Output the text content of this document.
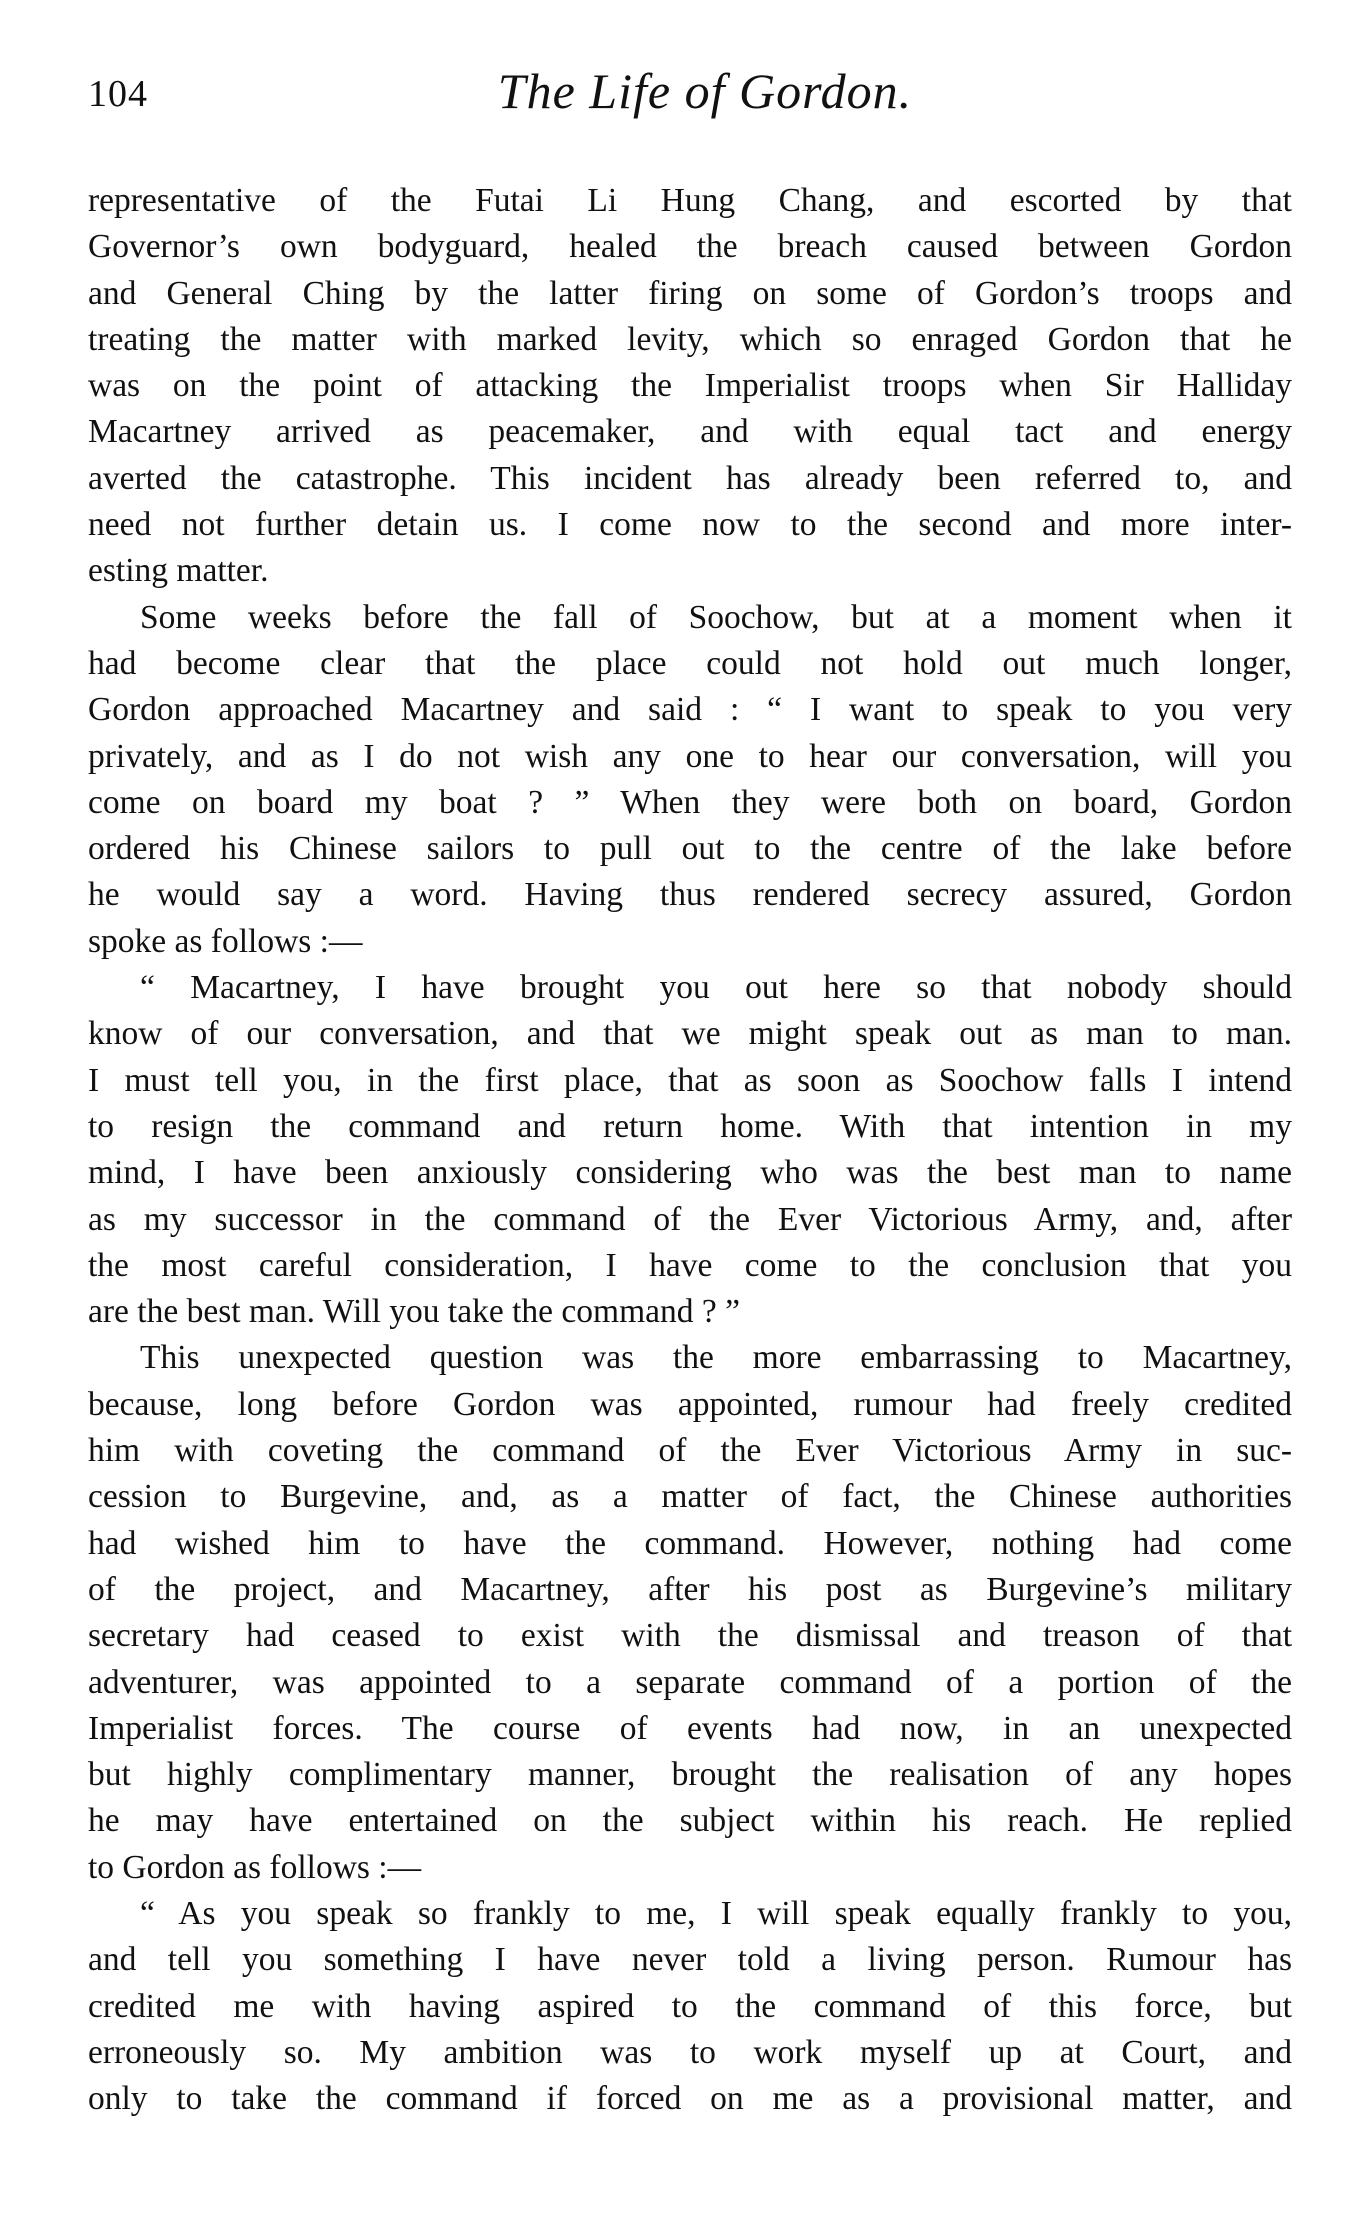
104	The Life of Gordon.
representative of the Futai Li Hung Chang, and escorted by that
Governor’s own bodyguard, healed the breach caused between Gordon
and General Ching by the latter firing on some of Gordon’s troops and
treating the matter with marked levity, which so enraged Gordon that he
was on the point of attacking the Imperialist troops when Sir Halliday
Macartney arrived as peacemaker, and with equal tact and energy
averted the catastrophe. This incident has already been referred to, and
need not further detain us. I come now to the second and more inter-
esting matter.
Some weeks before the fall of Soochow, but at a moment when it
had become clear that the place could not hold out much longer,
Gordon approached Macartney and said : “ I want to speak to you very
privately, and as I do not wish any one to hear our conversation, will you
come on board my boat ? ” When they were both on board, Gordon
ordered his Chinese sailors to pull out to the centre of the lake before
he would say a word. Having thus rendered secrecy assured, Gordon
spoke as follows :—
“ Macartney, I have brought you out here so that nobody should
know of our conversation, and that we might speak out as man to man.
I must tell you, in the first place, that as soon as Soochow falls I intend
to resign the command and return home. With that intention in my
mind, I have been anxiously considering who was the best man to name
as my successor in the command of the Ever Victorious Army, and, after
the most careful consideration, I have come to the conclusion that you
are the best man. Will you take the command ? ”
This unexpected question was the more embarrassing to Macartney,
because, long before Gordon was appointed, rumour had freely credited
him with coveting the command of the Ever Victorious Army in suc-
cession to Burgevine, and, as a matter of fact, the Chinese authorities
had wished him to have the command. However, nothing had come
of the project, and Macartney, after his post as Burgevine’s military
secretary had ceased to exist with the dismissal and treason of that
adventurer, was appointed to a separate command of a portion of the
Imperialist forces. The course of events had now, in an unexpected
but highly complimentary manner, brought the realisation of any hopes
he may have entertained on the subject within his reach. He replied
to Gordon as follows :—
“ As you speak so frankly to me, I will speak equally frankly to you,
and tell you something I have never told a living person. Rumour has
credited me with having aspired to the command of this force, but
erroneously so. My ambition was to work myself up at Court, and
only to take the command if forced on me as a provisional matter, and
